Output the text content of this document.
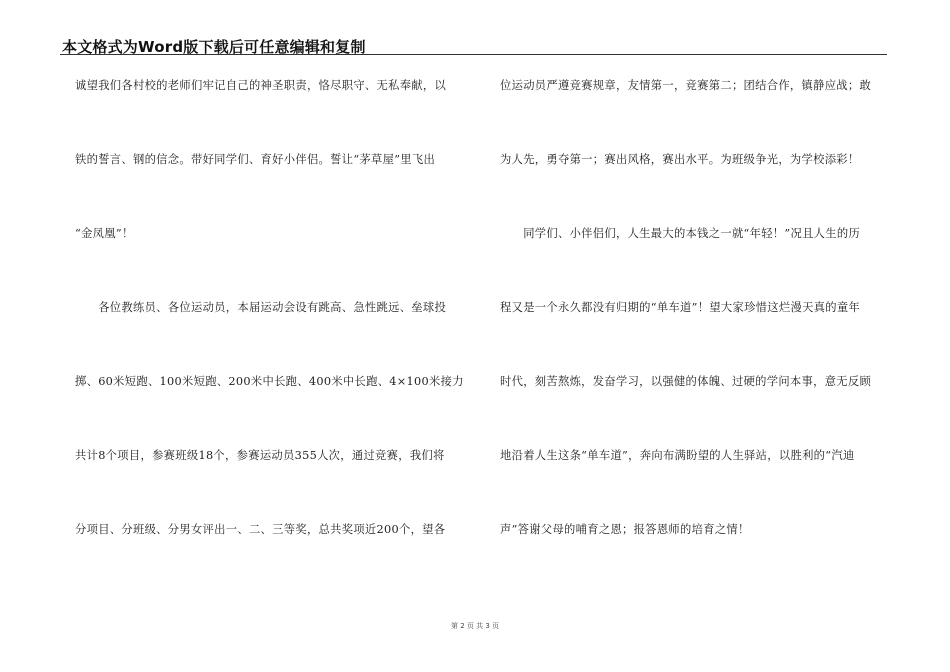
本文格式为Word版下载后可任意编辑和复制
诚望我们各村校的老师们牢记自己的神圣职责，恪尽职守、无私奉献，以
铁的誓言、钢的信念。带好同学们、育好小伴侣。誓让“茅草屋”里飞出
“金凤凰”！
　　各位教练员、各位运动员，本届运动会设有跳高、急性跳远、垒球投
掷、60米短跑、100米短跑、200米中长跑、400米中长跑、4×100米接力
共计8个项目，参赛班级18个，参赛运动员355人次，通过竞赛，我们将
分项目、分班级、分男女评出一、二、三等奖，总共奖项近200个，望各
位运动员严遵竞赛规章，友情第一，竞赛第二；团结合作，镇静应战；敢
为人先，勇夺第一；赛出风格，赛出水平。为班级争光，为学校添彩！
　　同学们、小伴侣们，人生最大的本钱之一就“年轻！”况且人生的历
程又是一个永久都没有归期的“单车道”！望大家珍惜这烂漫天真的童年
时代，刻苦熬炼，发奋学习，以强健的体魄、过硬的学问本事，意无反顾
地沿着人生这条“单车道”，奔向布满盼望的人生驿站，以胜利的“汽迪
声”答谢父母的哺育之恩；报答恩师的培育之情！
第 2 页 共 3 页
